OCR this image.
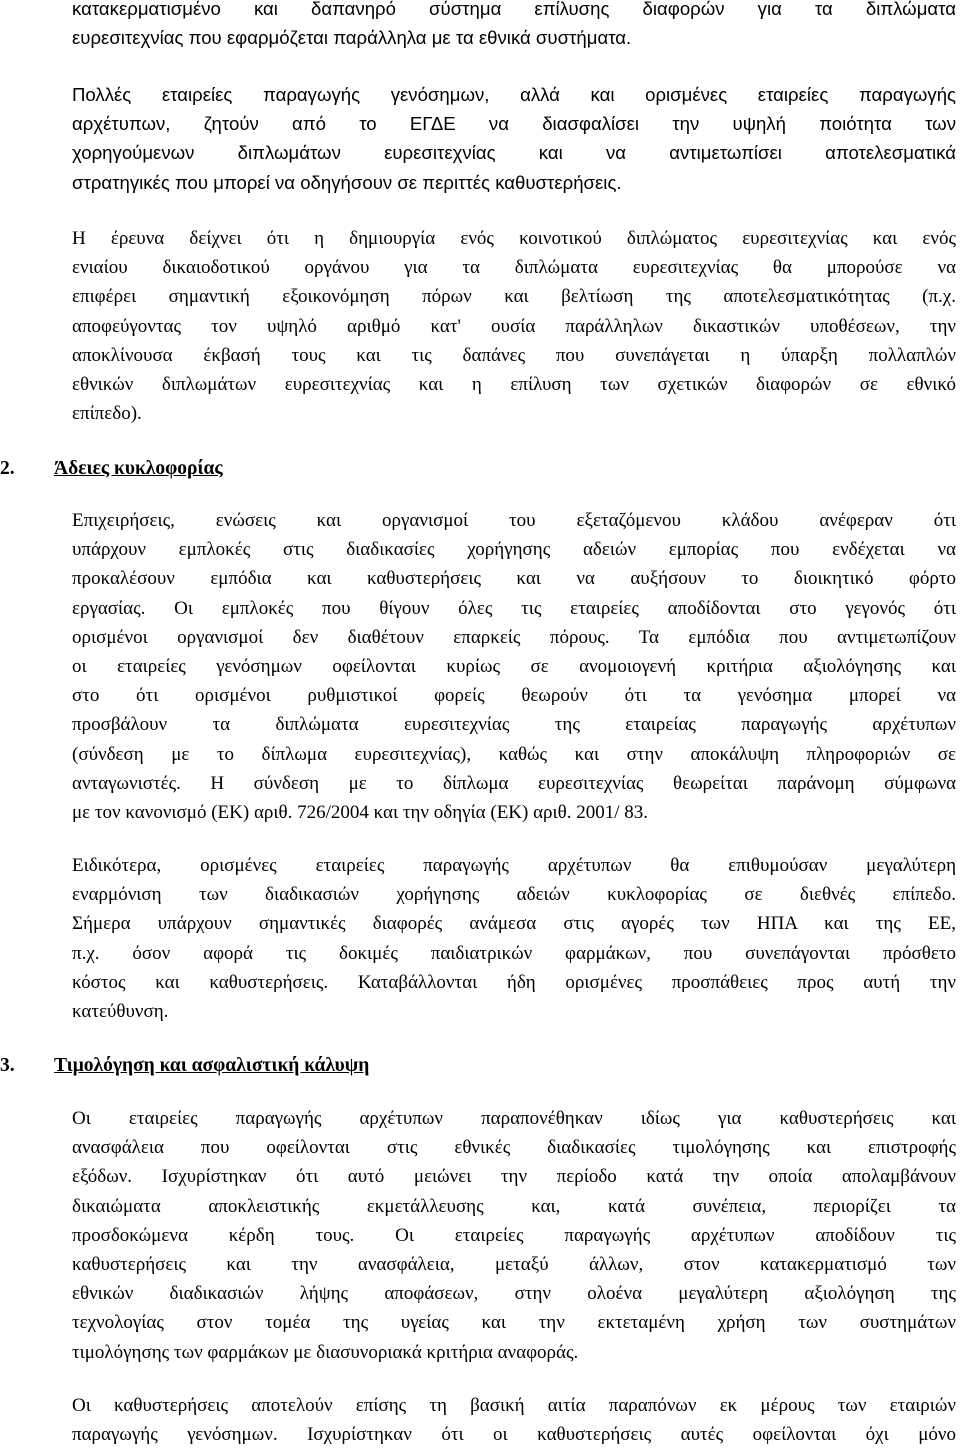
κατακερματισμένο και δαπανηρό σύστημα επίλυσης διαφορών για τα διπλώματα
ευρεσιτεχνίας που εφαρμόζεται παράλληλα με τα εθνικά συστήματα.
Πολλές εταιρείες παραγωγής γενόσημων, αλλά και ορισμένες εταιρείες παραγωγής
αρχέτυπων, ζητούν από το ΕΓΔΕ να διασφαλίσει την υψηλή ποιότητα των
χορηγούμενων διπλωμάτων ευρεσιτεχνίας και να αντιμετωπίσει αποτελεσματικά
στρατηγικές που μπορεί να οδηγήσουν σε περιττές καθυστερήσεις.
Η έρευνα δείχνει ότι η δημιουργία ενός κοινοτικού διπλώματος ευρεσιτεχνίας και ενός
ενιαίου δικαιοδοτικού οργάνου για τα διπλώματα ευρεσιτεχνίας θα μπορούσε να
επιφέρει σημαντική εξοικονόμηση πόρων και βελτίωση της αποτελεσματικότητας (π.χ.
αποφεύγοντας τον υψηλό αριθμό κατ' ουσία παράλληλων δικαστικών υποθέσεων, την
αποκλίνουσα έκβασή τους και τις δαπάνες που συνεπάγεται η ύπαρξη πολλαπλών
εθνικών διπλωμάτων ευρεσιτεχνίας και η επίλυση των σχετικών διαφορών σε εθνικό
επίπεδο).
2. Άδειες κυκλοφορίας
Επιχειρήσεις, ενώσεις και οργανισμοί του εξεταζόμενου κλάδου ανέφεραν ότι
υπάρχουν εμπλοκές στις διαδικασίες χορήγησης αδειών εμπορίας που ενδέχεται να
προκαλέσουν εμπόδια και καθυστερήσεις και να αυξήσουν το διοικητικό φόρτο
εργασίας. Οι εμπλοκές που θίγουν όλες τις εταιρείες αποδίδονται στο γεγονός ότι
ορισμένοι οργανισμοί δεν διαθέτουν επαρκείς πόρους. Τα εμπόδια που αντιμετωπίζουν
οι εταιρείες γενόσημων οφείλονται κυρίως σε ανομοιογενή κριτήρια αξιολόγησης και
στο ότι ορισμένοι ρυθμιστικοί φορείς θεωρούν ότι τα γενόσημα μπορεί να
προσβάλουν τα διπλώματα ευρεσιτεχνίας της εταιρείας παραγωγής αρχέτυπων
(σύνδεση με το δίπλωμα ευρεσιτεχνίας), καθώς και στην αποκάλυψη πληροφοριών σε
ανταγωνιστές. Η σύνδεση με το δίπλωμα ευρεσιτεχνίας θεωρείται παράνομη σύμφωνα
με τον κανονισμό (ΕΚ) αριθ. 726/2004 και την οδηγία (ΕΚ) αριθ. 2001/ 83.
Ειδικότερα, ορισμένες εταιρείες παραγωγής αρχέτυπων θα επιθυμούσαν μεγαλύτερη
εναρμόνιση των διαδικασιών χορήγησης αδειών κυκλοφορίας σε διεθνές επίπεδο.
Σήμερα υπάρχουν σημαντικές διαφορές ανάμεσα στις αγορές των ΗΠΑ και της ΕΕ,
π.χ. όσον αφορά τις δοκιμές παιδιατρικών φαρμάκων, που συνεπάγονται πρόσθετο
κόστος και καθυστερήσεις. Καταβάλλονται ήδη ορισμένες προσπάθειες προς αυτή την
κατεύθυνση.
3. Τιμολόγηση και ασφαλιστική κάλυψη
Οι εταιρείες παραγωγής αρχέτυπων παραπονέθηκαν ιδίως για καθυστερήσεις και
ανασφάλεια που οφείλονται στις εθνικές διαδικασίες τιμολόγησης και επιστροφής
εξόδων. Ισχυρίστηκαν ότι αυτό μειώνει την περίοδο κατά την οποία απολαμβάνουν
δικαιώματα αποκλειστικής εκμετάλλευσης και, κατά συνέπεια, περιορίζει τα
προσδοκώμενα κέρδη τους. Οι εταιρείες παραγωγής αρχέτυπων αποδίδουν τις
καθυστερήσεις και την ανασφάλεια, μεταξύ άλλων, στον κατακερματισμό των
εθνικών διαδικασιών λήψης αποφάσεων, στην ολοένα μεγαλύτερη αξιολόγηση της
τεχνολογίας στον τομέα της υγείας και την εκτεταμένη χρήση των συστημάτων
τιμολόγησης των φαρμάκων με διασυνοριακά κριτήρια αναφοράς.
Οι καθυστερήσεις αποτελούν επίσης τη βασική αιτία παραπόνων εκ μέρους των εταιριών
παραγωγής γενόσημων. Ισχυρίστηκαν ότι οι καθυστερήσεις αυτές οφείλονται όχι μόνο
